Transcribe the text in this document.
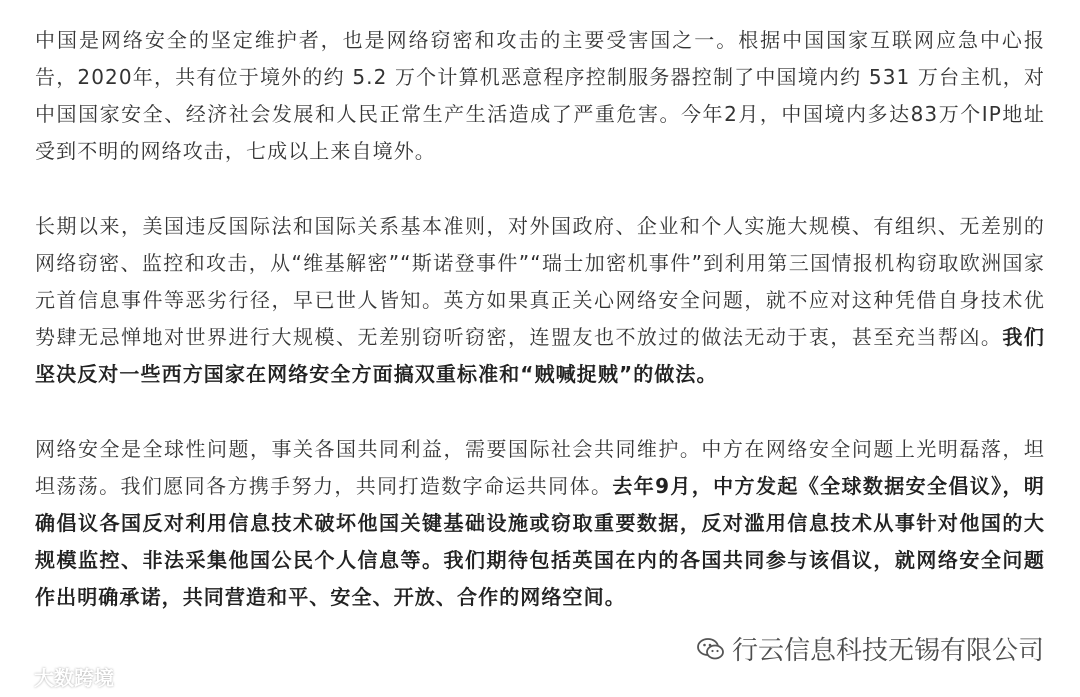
中国是网络安全的坚定维护者，也是网络窃密和攻击的主要受害国之一。根据中国国家互联网应急中心报告，2020年，共有位于境外的约 5.2 万个计算机恶意程序控制服务器控制了中国境内约 531 万台主机，对中国国家安全、经济社会发展和人民正常生产生活造成了严重危害。今年2月，中国境内多达83万个IP地址受到不明的网络攻击，七成以上来自境外。

长期以来，美国违反国际法和国际关系基本准则，对外国政府、企业和个人实施大规模、有组织、无差别的网络窃密、监控和攻击，从“维基解密”“斯诺登事件”“瑞士加密机事件”到利用第三国情报机构窃取欧洲国家元首信息事件等恶劣行径，早已世人皆知。英方如果真正关心网络安全问题，就不应对这种凭借自身技术优势肆无忌惮地对世界进行大规模、无差别窃听窃密，连盟友也不放过的做法无动于衷，甚至充当帮凶。我们坚决反对一些西方国家在网络安全方面搞双重标准和“贼喊捉贼”的做法。

网络安全是全球性问题，事关各国共同利益，需要国际社会共同维护。中方在网络安全问题上光明磊落，坦坦荡荡。我们愿同各方携手努力，共同打造数字命运共同体。去年9月，中方发起《全球数据安全倡议》，明确倡议各国反对利用信息技术破坏他国关键基础设施或窃取重要数据，反对滥用信息技术从事针对他国的大规模监控、非法采集他国公民个人信息等。我们期待包括英国在内的各国共同参与该倡议，就网络安全问题作出明确承诺，共同营造和平、安全、开放、合作的网络空间。

行云信息科技无锡有限公司
大数跨境
